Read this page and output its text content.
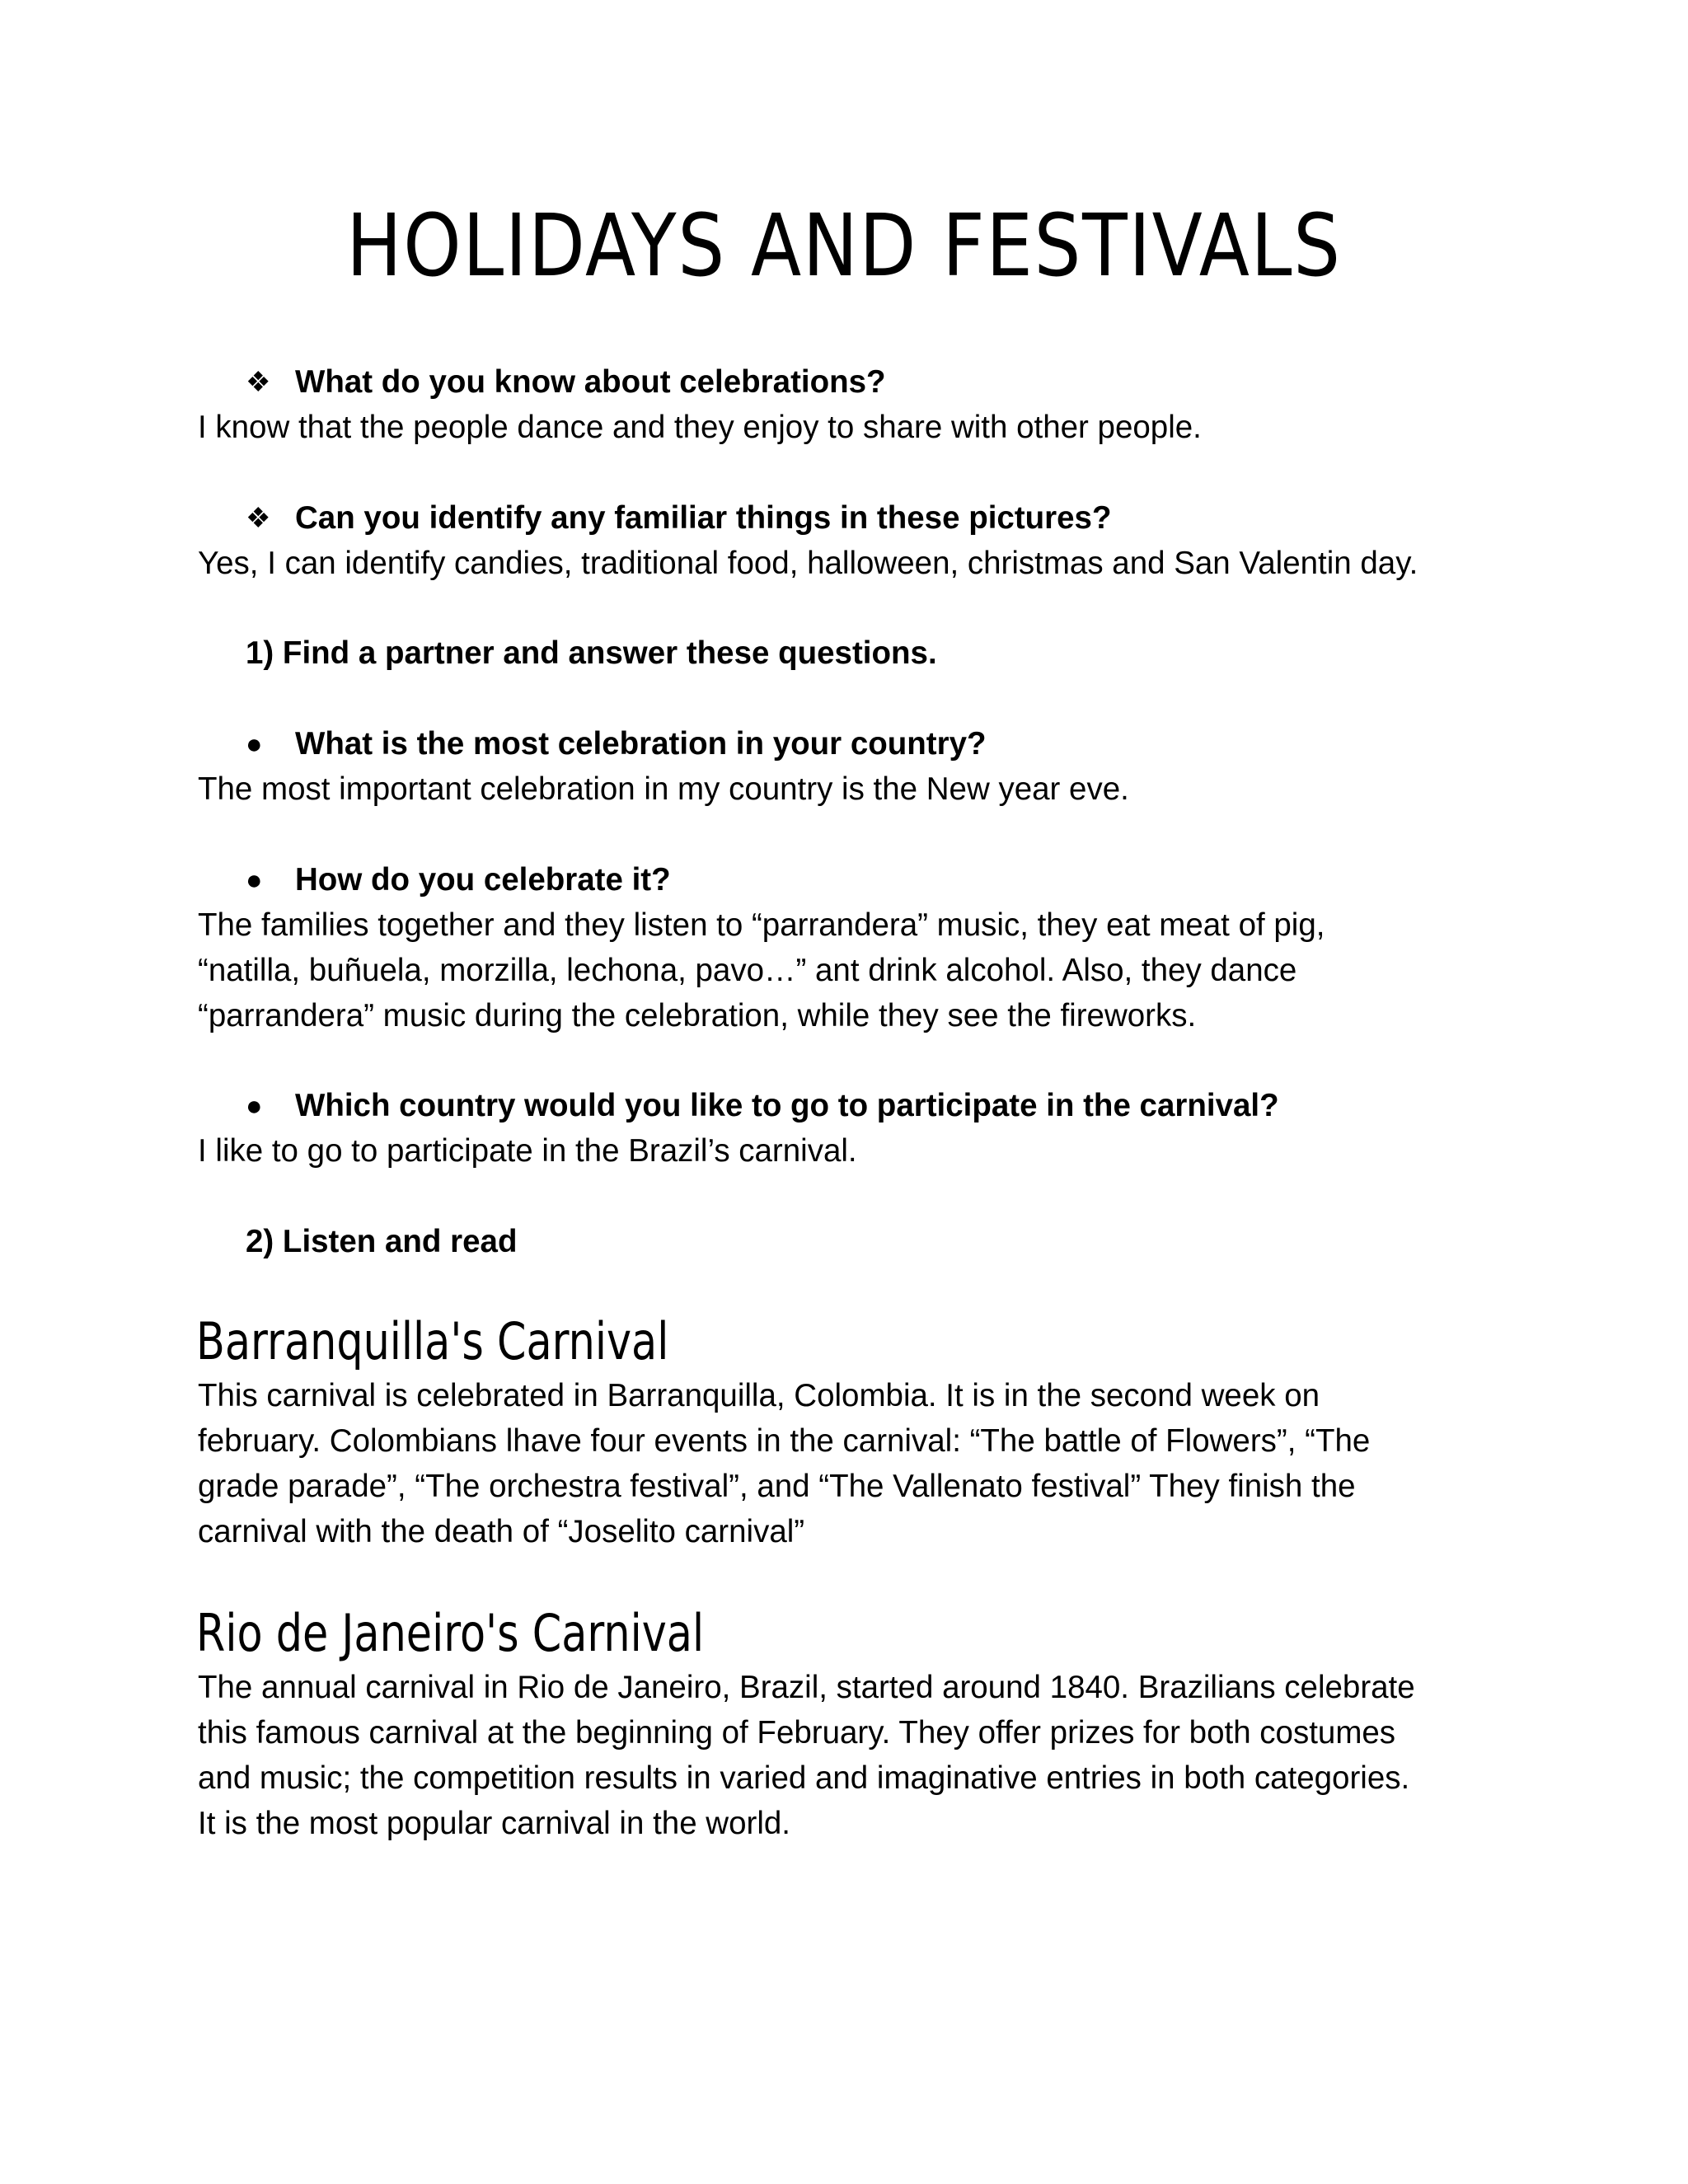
HOLIDAYS AND FESTIVALS
❖ What do you know about celebrations?
I know that the people dance and they enjoy to share with other people.
❖ Can you identify any familiar things in these pictures?
Yes, I can identify candies, traditional food, halloween, christmas and San Valentin day.
1) Find a partner and answer these questions.
●	What is the most celebration in your country?
The most important celebration in my country is the New year eve.
●	How do you celebrate it?
The families together and they listen to “parrandera” music, they eat meat of pig,
“natilla, buñuela, morzilla, lechona, pavo…” ant drink alcohol. Also, they dance
“parrandera” music during the celebration, while they see the fireworks.
●	Which country would you like to go to participate in the carnival?
I like to go to participate in the Brazil’s carnival.
2) Listen and read
Barranquilla's Carnival
This carnival is celebrated in Barranquilla, Colombia. It is in the second week on
february. Colombians lhave four events in the carnival: “The battle of Flowers”, “The
grade parade”, “The orchestra festival”, and “The Vallenato festival” They finish the
carnival with the death of “Joselito carnival”
Rio de Janeiro's Carnival
The annual carnival in Rio de Janeiro, Brazil, started around 1840. Brazilians celebrate
this famous carnival at the beginning of February. They offer prizes for both costumes
and music; the competition results in varied and imaginative entries in both categories.
It is the most popular carnival in the world.
